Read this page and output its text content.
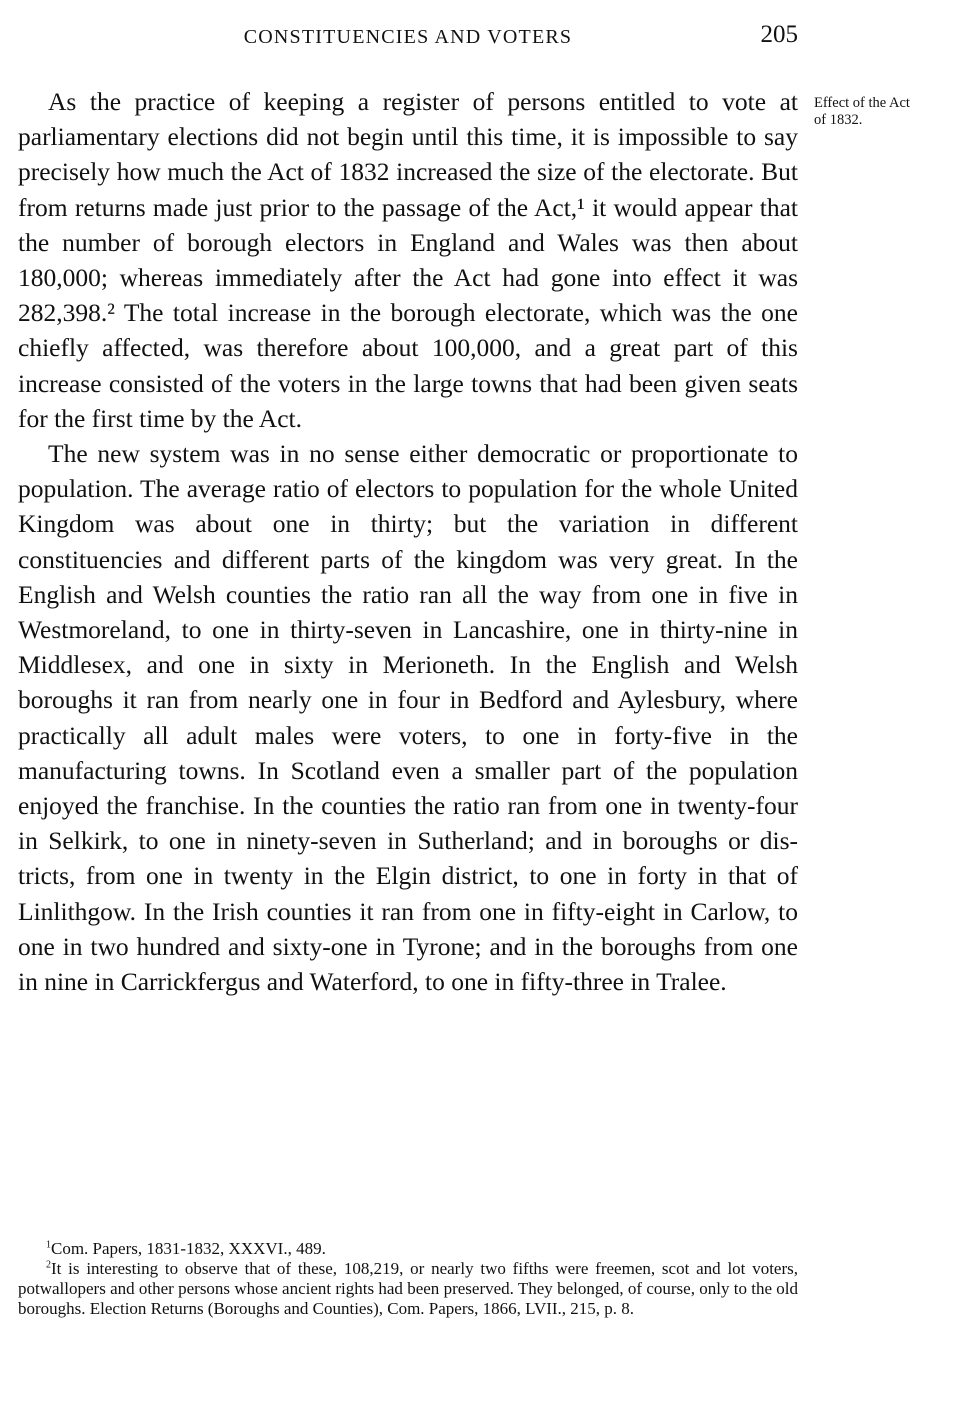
CONSTITUENCIES AND VOTERS	205
Effect of the Act of 1832.

As the practice of keeping a register of persons entitled to vote at parliamentary elections did not begin until this time, it is impossible to say precisely how much the Act of 1832 increased the size of the electorate. But from returns made just prior to the passage of the Act,¹ it would appear that the number of borough electors in England and Wales was then about 180,000; whereas immediately after the Act had gone into effect it was 282,398.² The total increase in the borough electorate, which was the one chiefly affected, was therefore about 100,000, and a great part of this increase consisted of the voters in the large towns that had been given seats for the first time by the Act.

The new system was in no sense either democratic or proportionate to population. The average ratio of electors to population for the whole United Kingdom was about one in thirty; but the variation in different constituencies and different parts of the kingdom was very great. In the English and Welsh counties the ratio ran all the way from one in five in Westmoreland, to one in thirty-seven in Lancashire, one in thirty-nine in Middlesex, and one in sixty in Merioneth. In the English and Welsh boroughs it ran from nearly one in four in Bedford and Aylesbury, where practically all adult males were voters, to one in forty-five in the manufacturing towns. In Scotland even a smaller part of the population enjoyed the franchise. In the counties the ratio ran from one in twenty-four in Selkirk, to one in ninety-seven in Sutherland; and in boroughs or districts, from one in twenty in the Elgin district, to one in forty in that of Linlithgow. In the Irish counties it ran from one in fifty-eight in Carlow, to one in two hundred and sixty-one in Tyrone; and in the boroughs from one in nine in Carrickfergus and Waterford, to one in fifty-three in Tralee.

$^1$Com. Papers, 1831-1832, XXXVI., 489.

$^2$It is interesting to observe that of these, 108,219, or nearly two fifths were freemen, scot and lot voters, potwallopers and other persons whose ancient rights had been preserved. They belonged, of course, only to the old boroughs. Election Returns (Boroughs and Counties), Com. Papers, 1866, LVII., 215, p. 8.
